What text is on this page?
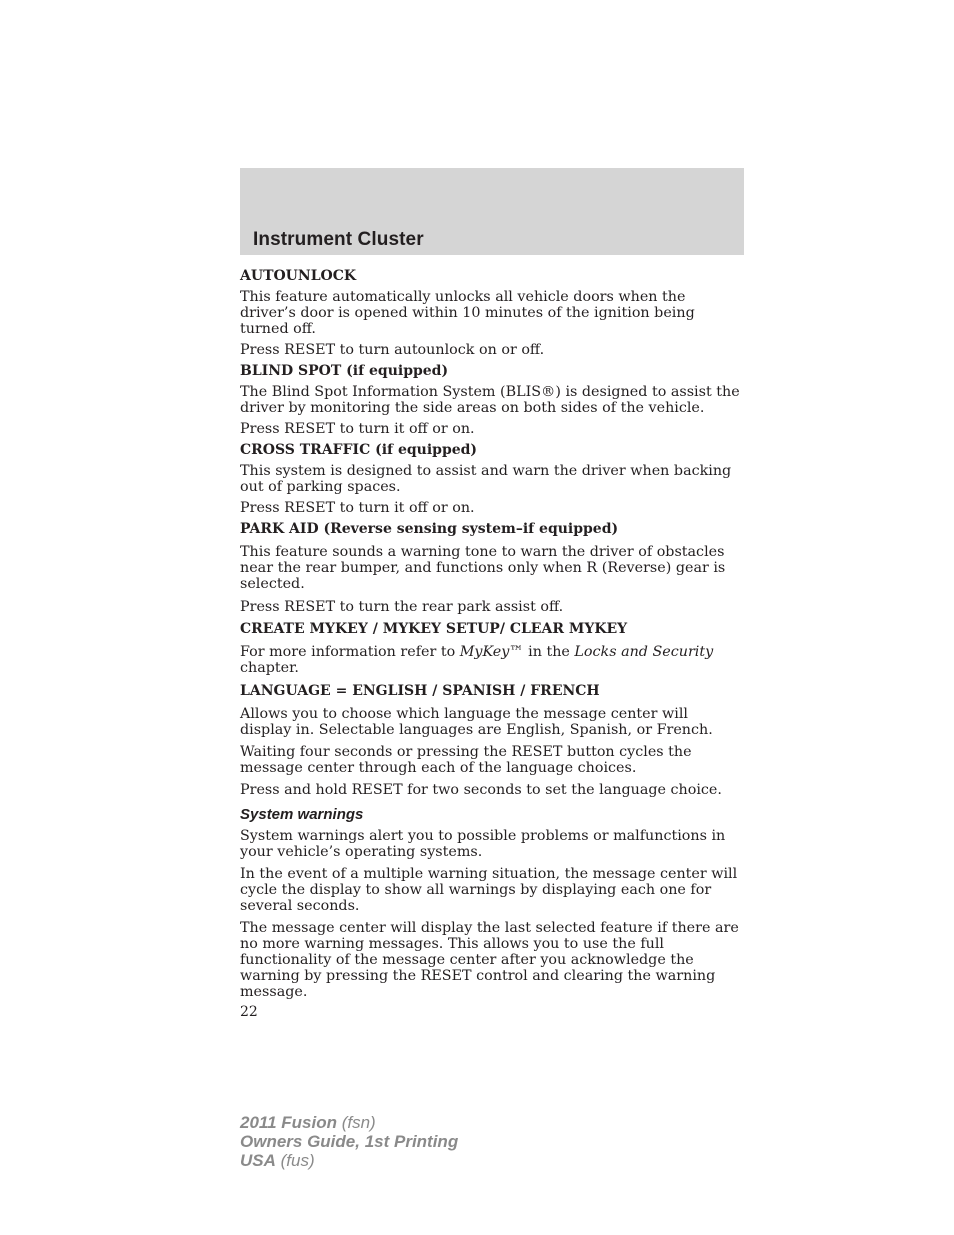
Instrument Cluster
AUTOUNLOCK
This feature automatically unlocks all vehicle doors when the driver’s door is opened within 10 minutes of the ignition being turned off.
Press RESET to turn autounlock on or off.
BLIND SPOT (if equipped)
The Blind Spot Information System (BLIS®) is designed to assist the driver by monitoring the side areas on both sides of the vehicle.
Press RESET to turn it off or on.
CROSS TRAFFIC (if equipped)
This system is designed to assist and warn the driver when backing out of parking spaces.
Press RESET to turn it off or on.
PARK AID (Reverse sensing system–if equipped)
This feature sounds a warning tone to warn the driver of obstacles near the rear bumper, and functions only when R (Reverse) gear is selected.
Press RESET to turn the rear park assist off.
CREATE MYKEY / MYKEY SETUP/ CLEAR MYKEY
For more information refer to MyKey™ in the Locks and Security chapter.
LANGUAGE = ENGLISH / SPANISH / FRENCH
Allows you to choose which language the message center will display in. Selectable languages are English, Spanish, or French.
Waiting four seconds or pressing the RESET button cycles the message center through each of the language choices.
Press and hold RESET for two seconds to set the language choice.
System warnings
System warnings alert you to possible problems or malfunctions in your vehicle’s operating systems.
In the event of a multiple warning situation, the message center will cycle the display to show all warnings by displaying each one for several seconds.
The message center will display the last selected feature if there are no more warning messages. This allows you to use the full functionality of the message center after you acknowledge the warning by pressing the RESET control and clearing the warning message.
22
2011 Fusion (fsn)
Owners Guide, 1st Printing
USA (fus)
